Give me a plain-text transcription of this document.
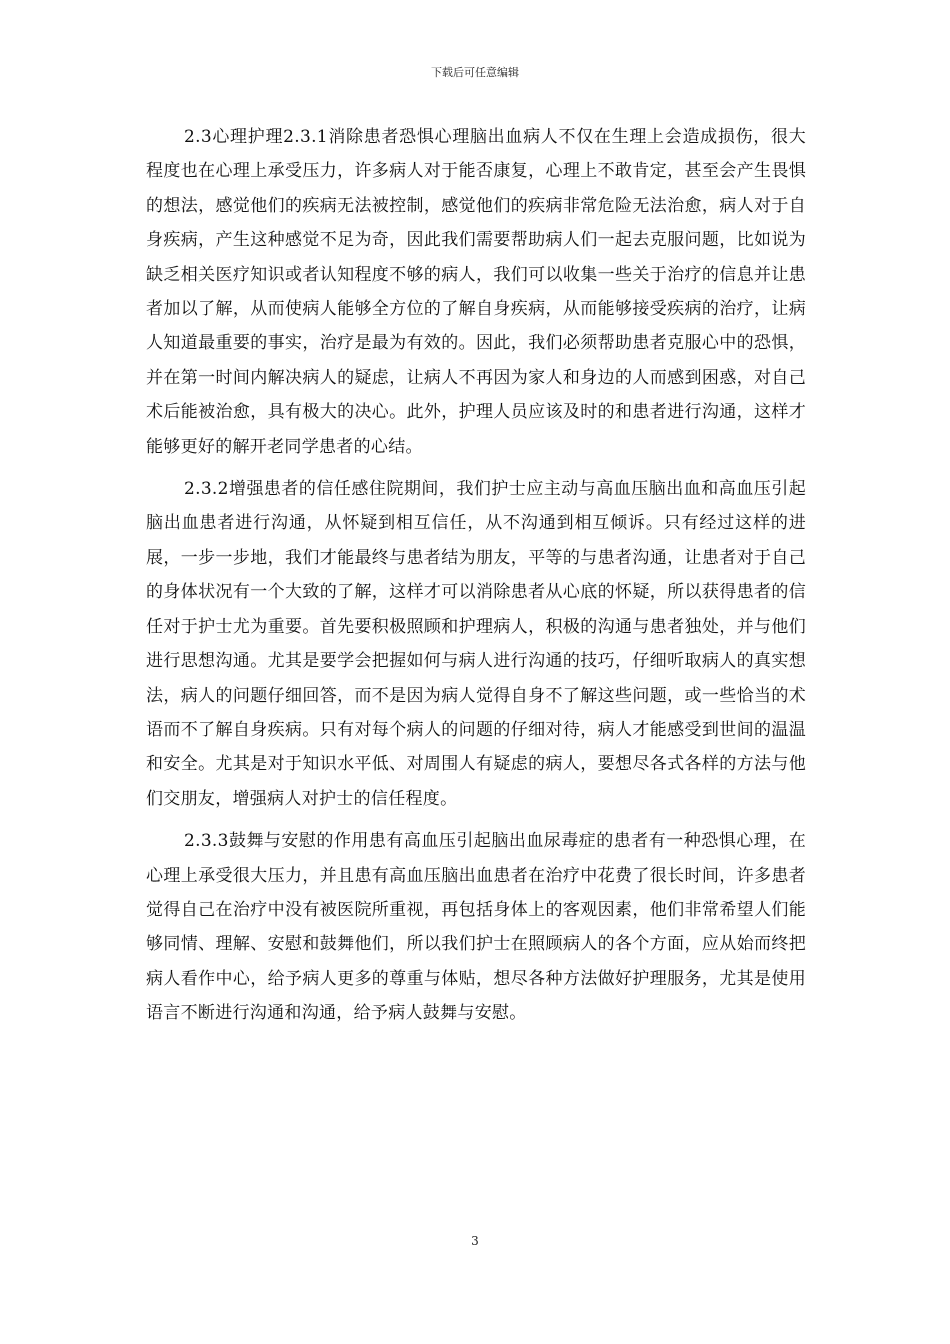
下载后可任意编辑

2.3心理护理2.3.1消除患者恐惧心理脑出血病人不仅在生理上会造成损伤，很大程度也在心理上承受压力，许多病人对于能否康复，心理上不敢肯定，甚至会产生畏惧的想法，感觉他们的疾病无法被控制，感觉他们的疾病非常危险无法治愈，病人对于自身疾病，产生这种感觉不足为奇，因此我们需要帮助病人们一起去克服问题，比如说为缺乏相关医疗知识或者认知程度不够的病人，我们可以收集一些关于治疗的信息并让患者加以了解，从而使病人能够全方位的了解自身疾病，从而能够接受疾病的治疗，让病人知道最重要的事实，治疗是最为有效的。因此，我们必须帮助患者克服心中的恐惧，并在第一时间内解决病人的疑虑，让病人不再因为家人和身边的人而感到困惑，对自己术后能被治愈，具有极大的决心。此外，护理人员应该及时的和患者进行沟通，这样才能够更好的解开老同学患者的心结。

2.3.2增强患者的信任感住院期间，我们护士应主动与高血压脑出血和高血压引起脑出血患者进行沟通，从怀疑到相互信任，从不沟通到相互倾诉。只有经过这样的进展，一步一步地，我们才能最终与患者结为朋友，平等的与患者沟通，让患者对于自己的身体状况有一个大致的了解，这样才可以消除患者从心底的怀疑，所以获得患者的信任对于护士尤为重要。首先要积极照顾和护理病人，积极的沟通与患者独处，并与他们进行思想沟通。尤其是要学会把握如何与病人进行沟通的技巧，仔细听取病人的真实想法，病人的问题仔细回答，而不是因为病人觉得自身不了解这些问题，或一些恰当的术语而不了解自身疾病。只有对每个病人的问题的仔细对待，病人才能感受到世间的温温和安全。尤其是对于知识水平低、对周围人有疑虑的病人，要想尽各式各样的方法与他们交朋友，增强病人对护士的信任程度。

2.3.3鼓舞与安慰的作用患有高血压引起脑出血尿毒症的患者有一种恐惧心理，在心理上承受很大压力，并且患有高血压脑出血患者在治疗中花费了很长时间，许多患者觉得自己在治疗中没有被医院所重视，再包括身体上的客观因素，他们非常希望人们能够同情、理解、安慰和鼓舞他们，所以我们护士在照顾病人的各个方面，应从始而终把病人看作中心，给予病人更多的尊重与体贴，想尽各种方法做好护理服务，尤其是使用语言不断进行沟通和沟通，给予病人鼓舞与安慰。

3
